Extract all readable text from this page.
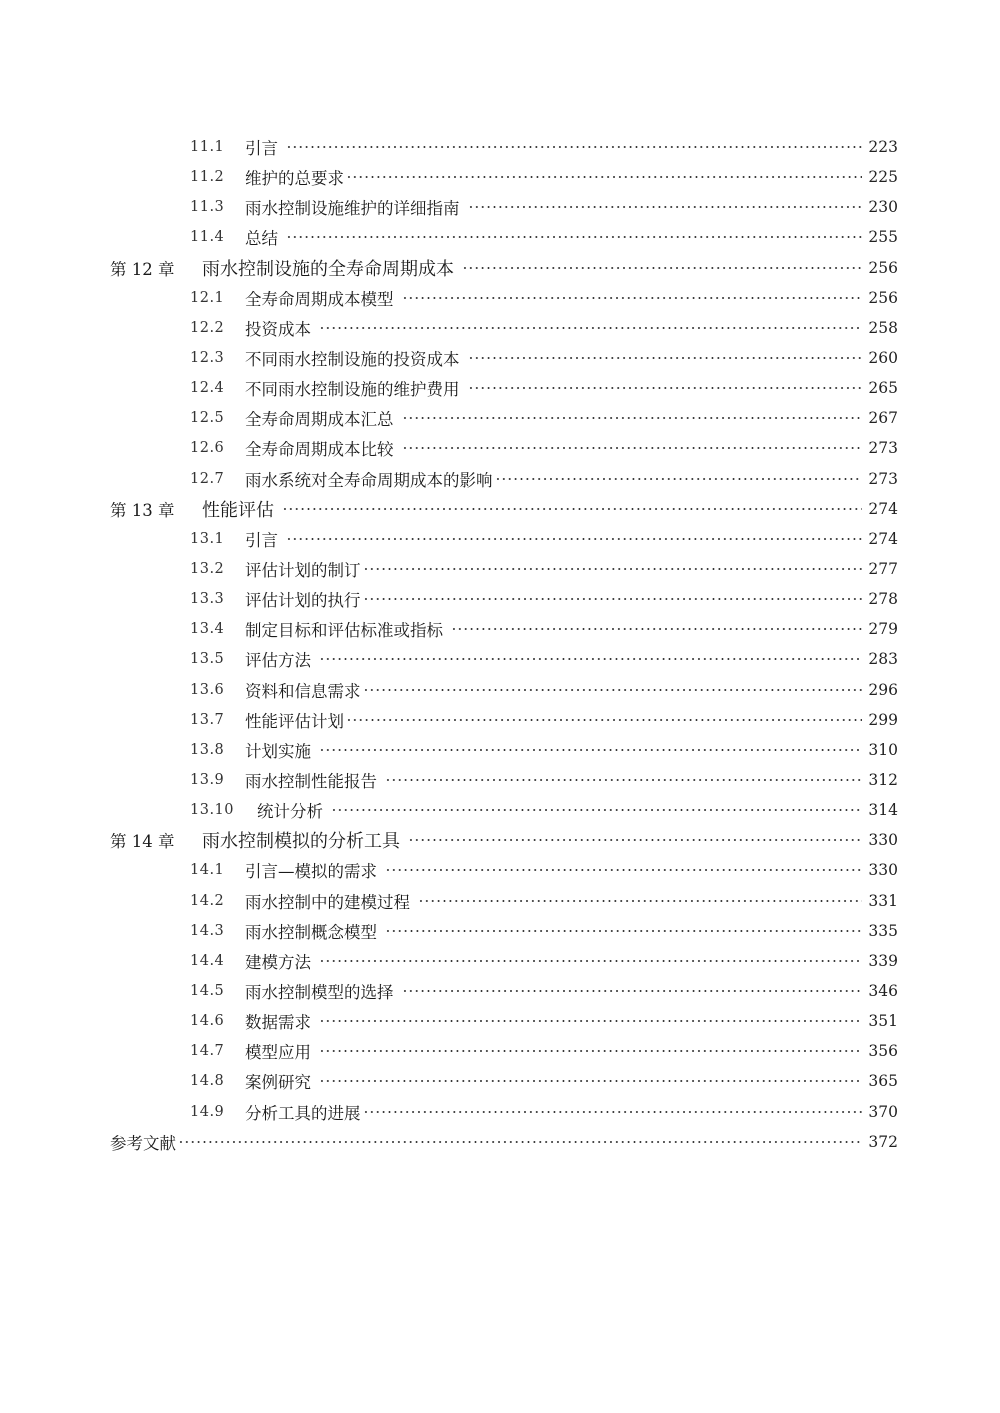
11.1	引言	223
11.2	维护的总要求	225
11.3	雨水控制设施维护的详细指南	230
11.4	总结	255
第 12 章	雨水控制设施的全寿命周期成本	256
12.1	全寿命周期成本模型	256
12.2	投资成本	258
12.3	不同雨水控制设施的投资成本	260
12.4	不同雨水控制设施的维护费用	265
12.5	全寿命周期成本汇总	267
12.6	全寿命周期成本比较	273
12.7	雨水系统对全寿命周期成本的影响	273
第 13 章	性能评估	274
13.1	引言	274
13.2	评估计划的制订	277
13.3	评估计划的执行	278
13.4	制定目标和评估标准或指标	279
13.5	评估方法	283
13.6	资料和信息需求	296
13.7	性能评估计划	299
13.8	计划实施	310
13.9	雨水控制性能报告	312
13.10	统计分析	314
第 14 章	雨水控制模拟的分析工具	330
14.1	引言—模拟的需求	330
14.2	雨水控制中的建模过程	331
14.3	雨水控制概念模型	335
14.4	建模方法	339
14.5	雨水控制模型的选择	346
14.6	数据需求	351
14.7	模型应用	356
14.8	案例研究	365
14.9	分析工具的进展	370
参考文献	372
